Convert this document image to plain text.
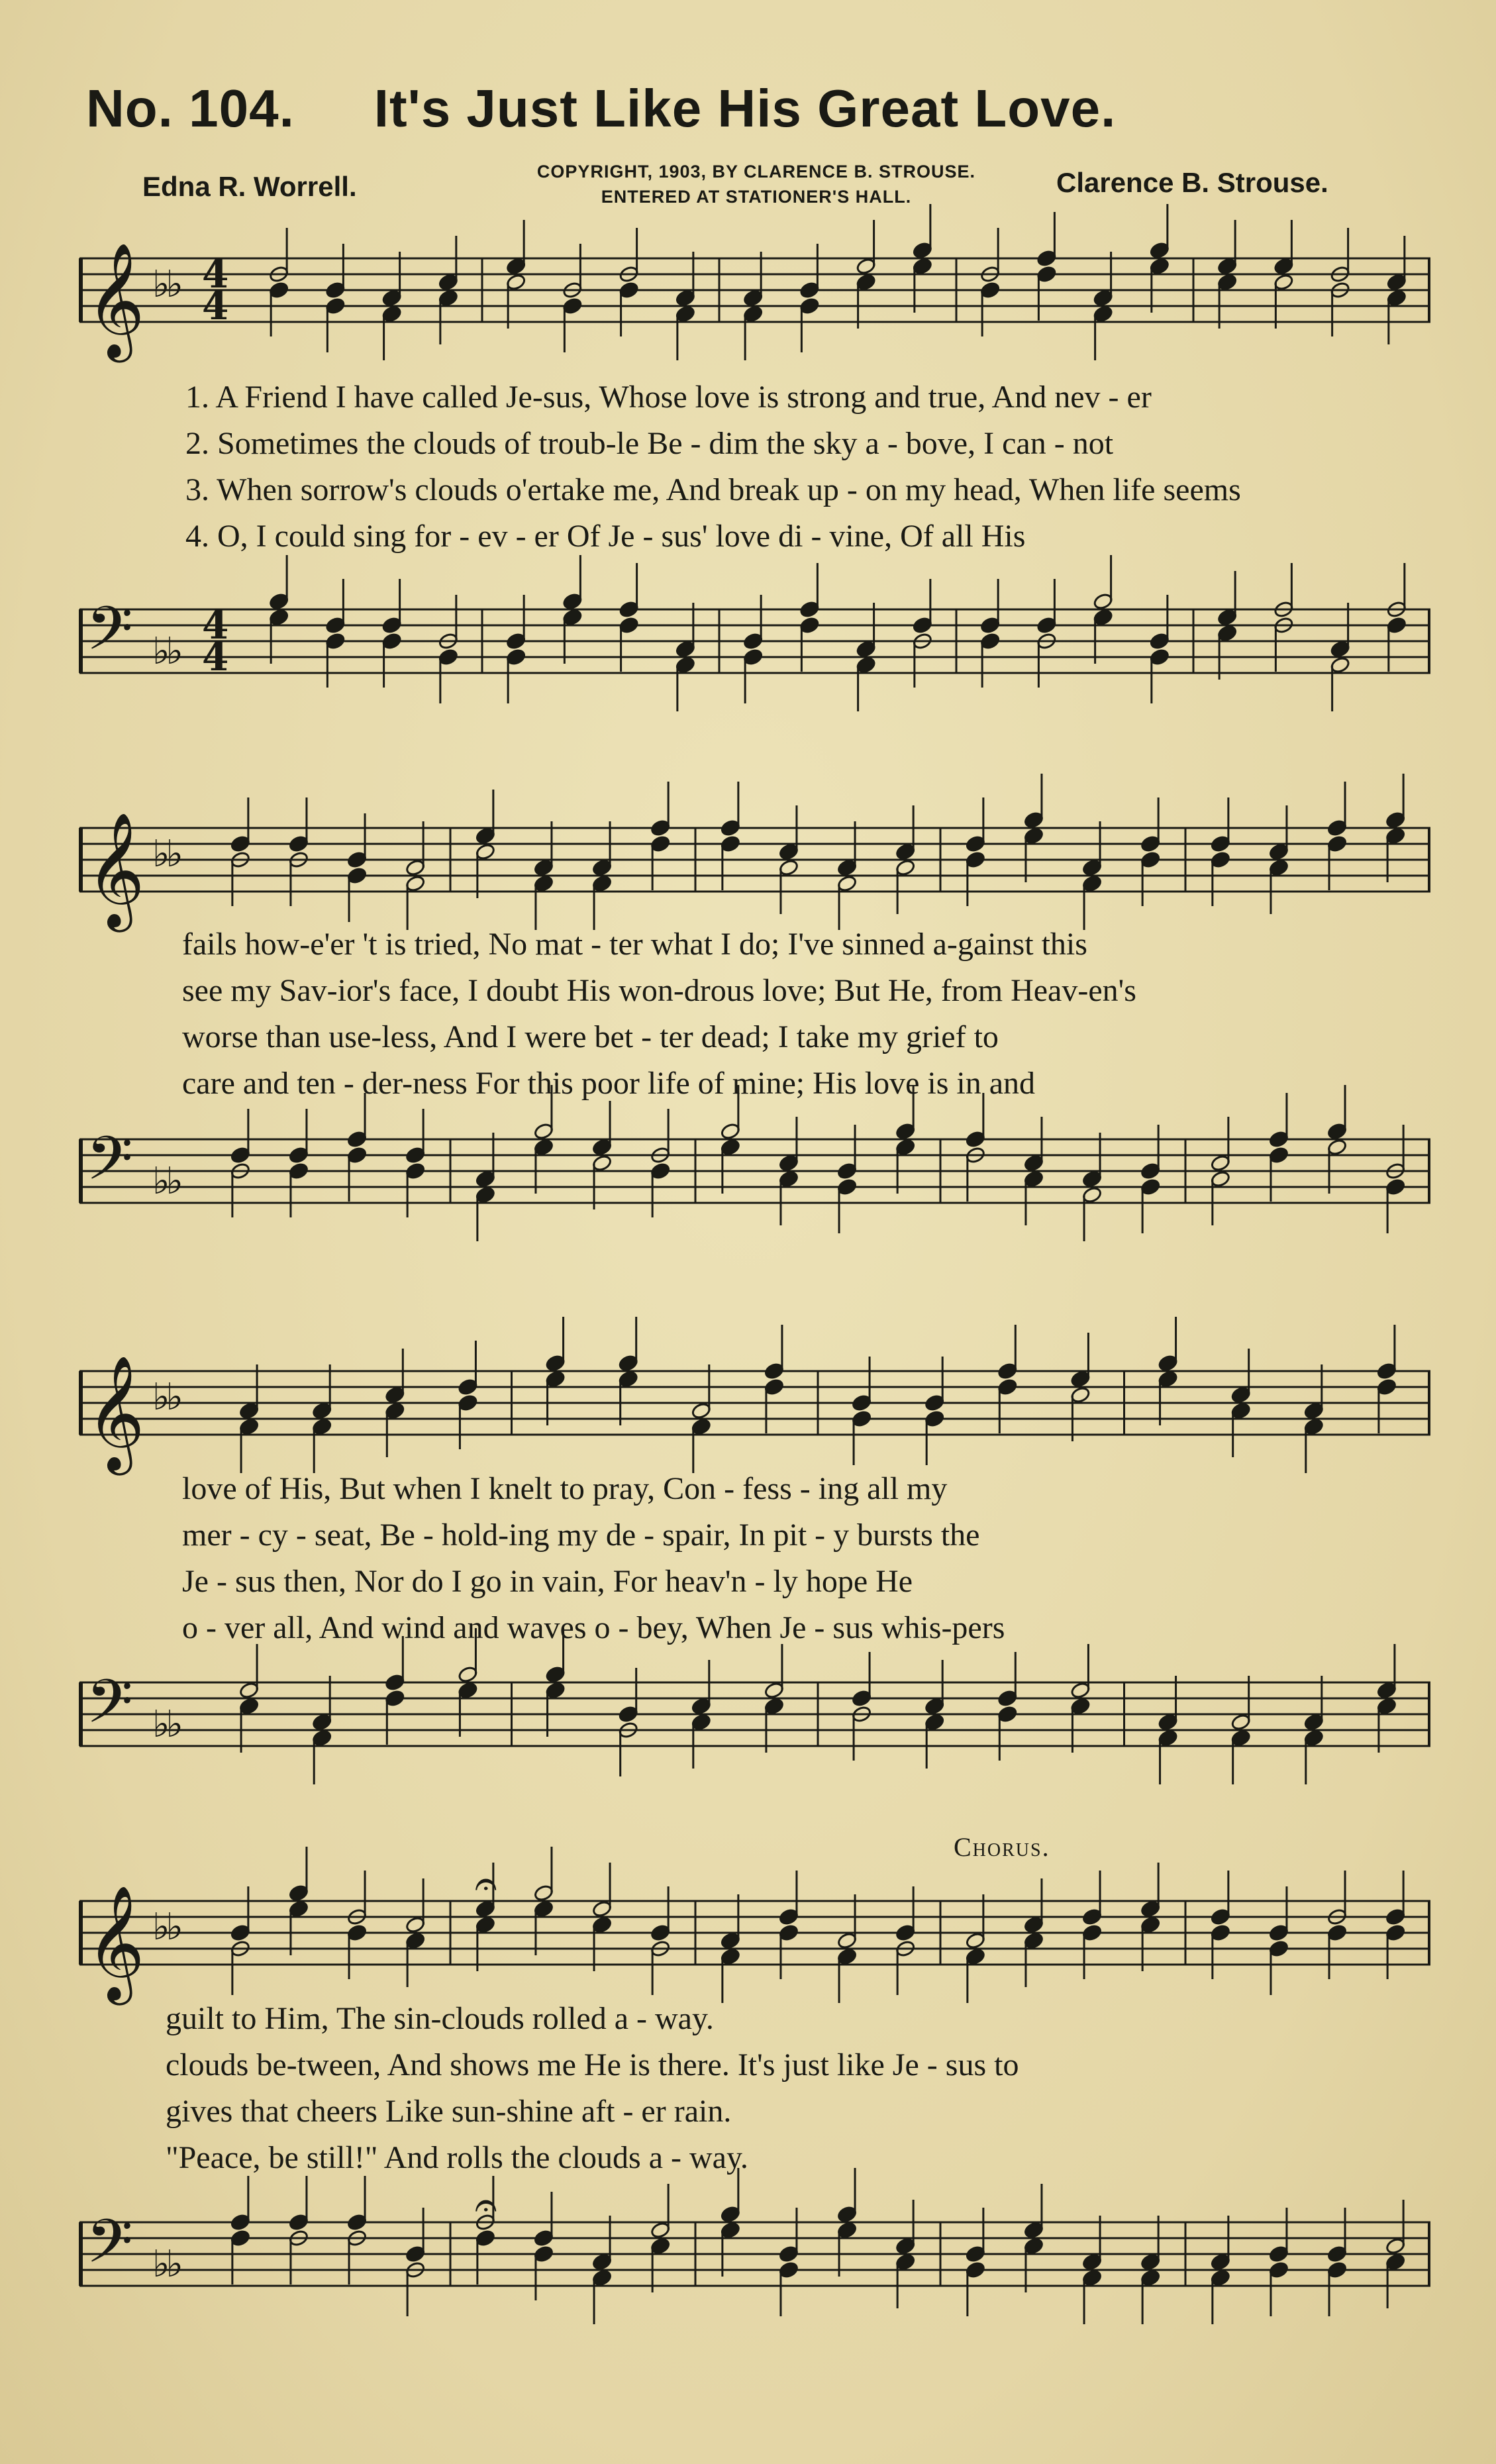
No. 104. It's Just Like His Great Love.
Edna R. Worrell.	COPYRIGHT, 1903, BY CLARENCE B. STROUSE.
ENTERED AT STATIONER'S HALL.	Clarence B. Strouse.
Chorus.
𝄞 ♭♭ 4
4
1. A Friend I have called Je-sus, Whose love is strong and true, And nev - er
2. Sometimes the clouds of troub-le Be - dim the sky a - bove, I can - not
3. When sorrow's clouds o'ertake me, And break up - on my head, When life seems
4. O, I could sing for - ev - er Of Je - sus' love di - vine, Of all His
𝄢 ♭♭
4
4
𝄞 ♭♭
fails how-e'er 't is tried, No mat - ter what I do; I've sinned a-gainst this
see my Sav-ior's face, I doubt His won-drous love; But He, from Heav-en's
worse than use-less, And I were bet - ter dead; I take my grief to
care and ten - der-ness For this poor life of mine; His love is in and
𝄢 ♭♭
𝄞 ♭♭
love of His, But when I knelt to pray, Con - fess - ing all my
mer - cy - seat, Be - hold-ing my de - spair, In pit - y bursts the
Je - sus then, Nor do I go in vain, For heav'n - ly hope He
o - ver all, And wind and waves o - bey, When Je - sus whis-pers
𝄢 ♭♭
𝄞 ♭♭
𝄐
guilt to Him, The sin-clouds rolled a - way.
clouds be-tween, And shows me He is there. It's just like Je - sus to
gives that cheers Like sun-shine aft - er rain.
"Peace, be still!" And rolls the clouds a - way.
𝄢 ♭♭
𝄐
